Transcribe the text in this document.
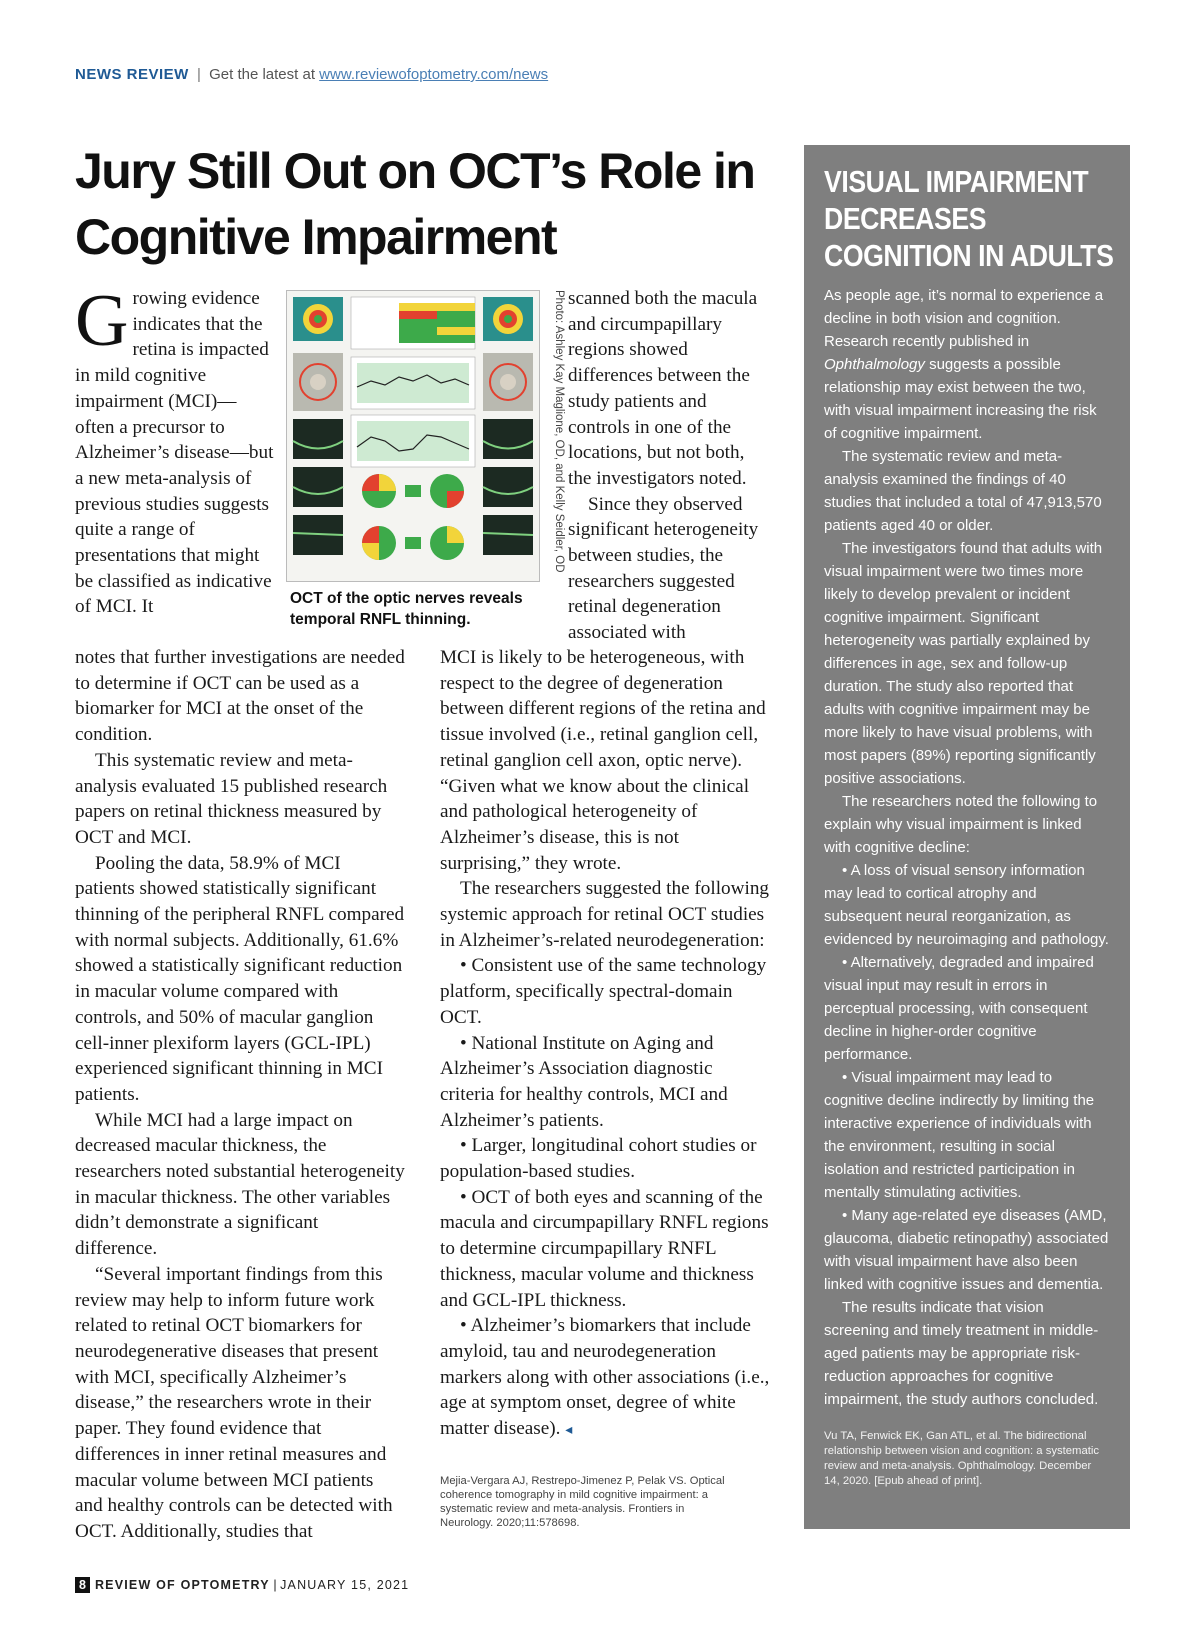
NEWS REVIEW | Get the latest at www.reviewofoptometry.com/news
Jury Still Out on OCT’s Role in Cognitive Impairment
G rowing evidence indicates that the retina is impacted in mild cognitive impairment (MCI)—often a precursor to Alzheimer’s disease—but a new meta-analysis of previous studies suggests quite a range of presentations that might be classified as indicative of MCI. It
Photo: Ashley Kay Maglione, OD, and Kelly Seidler, OD
OCT of the optic nerves reveals temporal RNFL thinning.

scanned both the macula and circumpapillary regions showed differences between the study patients and controls in one of the locations, but not both, the investigators noted.

Since they observed significant heterogeneity between studies, the researchers suggested retinal degeneration associated with

notes that further investigations are needed to determine if OCT can be used as a biomarker for MCI at the onset of the condition.

This systematic review and meta-analysis evaluated 15 published research papers on retinal thickness measured by OCT and MCI.

Pooling the data, 58.9% of MCI patients showed statistically significant thinning of the peripheral RNFL compared with normal subjects. Additionally, 61.6% showed a statistically significant reduction in macular volume compared with controls, and 50% of macular ganglion cell-inner plexiform layers (GCL-IPL) experienced significant thinning in MCI patients.

While MCI had a large impact on decreased macular thickness, the researchers noted substantial heterogeneity in macular thickness. The other variables didn’t demonstrate a significant difference.

“Several important findings from this review may help to inform future work related to retinal OCT biomarkers for neurodegenerative diseases that present with MCI, specifically Alzheimer’s disease,” the researchers wrote in their paper. They found evidence that differences in inner retinal measures and macular volume between MCI patients and healthy controls can be detected with OCT. Additionally, studies that

MCI is likely to be heterogeneous, with respect to the degree of degeneration between different regions of the retina and tissue involved (i.e., retinal ganglion cell, retinal ganglion cell axon, optic nerve). “Given what we know about the clinical and pathological heterogeneity of Alzheimer’s disease, this is not surprising,” they wrote.

The researchers suggested the following systemic approach for retinal OCT studies in Alzheimer’s-related neurodegeneration:

• Consistent use of the same technology platform, specifically spectral-domain OCT.

• National Institute on Aging and Alzheimer’s Association diagnostic criteria for healthy controls, MCI and Alzheimer’s patients.

• Larger, longitudinal cohort studies or population-based studies.

• OCT of both eyes and scanning of the macula and circumpapillary RNFL regions to determine circumpapillary RNFL thickness, macular volume and thickness and GCL-IPL thickness.

• Alzheimer’s biomarkers that include amyloid, tau and neurodegeneration markers along with other associations (i.e., age at symptom onset, degree of white matter disease). ◂

Mejia-Vergara AJ, Restrepo-Jimenez P, Pelak VS. Optical coherence tomography in mild cognitive impairment: a systematic review and meta-analysis. Frontiers in Neurology. 2020;11:578698.
VISUAL IMPAIRMENT DECREASES COGNITION IN ADULTS

As people age, it’s normal to experience a decline in both vision and cognition. Research recently published in Ophthalmology suggests a possible relationship may exist between the two, with visual impairment increasing the risk of cognitive impairment.

The systematic review and meta-analysis examined the findings of 40 studies that included a total of 47,913,570 patients aged 40 or older.

The investigators found that adults with visual impairment were two times more likely to develop prevalent or incident cognitive impairment. Significant heterogeneity was partially explained by differences in age, sex and follow-up duration. The study also reported that adults with cognitive impairment may be more likely to have visual problems, with most papers (89%) reporting significantly positive associations.

The researchers noted the following to explain why visual impairment is linked with cognitive decline:

• A loss of visual sensory information may lead to cortical atrophy and subsequent neural reorganization, as evidenced by neuroimaging and pathology.

• Alternatively, degraded and impaired visual input may result in errors in perceptual processing, with consequent decline in higher-order cognitive performance.

• Visual impairment may lead to cognitive decline indirectly by limiting the interactive experience of individuals with the environment, resulting in social isolation and restricted participation in mentally stimulating activities.

• Many age-related eye diseases (AMD, glaucoma, diabetic retinopathy) associated with visual impairment have also been linked with cognitive issues and dementia.

The results indicate that vision screening and timely treatment in middle-aged patients may be appropriate risk-reduction approaches for cognitive impairment, the study authors concluded.

Vu TA, Fenwick EK, Gan ATL, et al. The bidirectional relationship between vision and cognition: a systematic review and meta-analysis. Ophthalmology. December 14, 2020. [Epub ahead of print].
8 REVIEW OF OPTOMETRY | JANUARY 15, 2021
